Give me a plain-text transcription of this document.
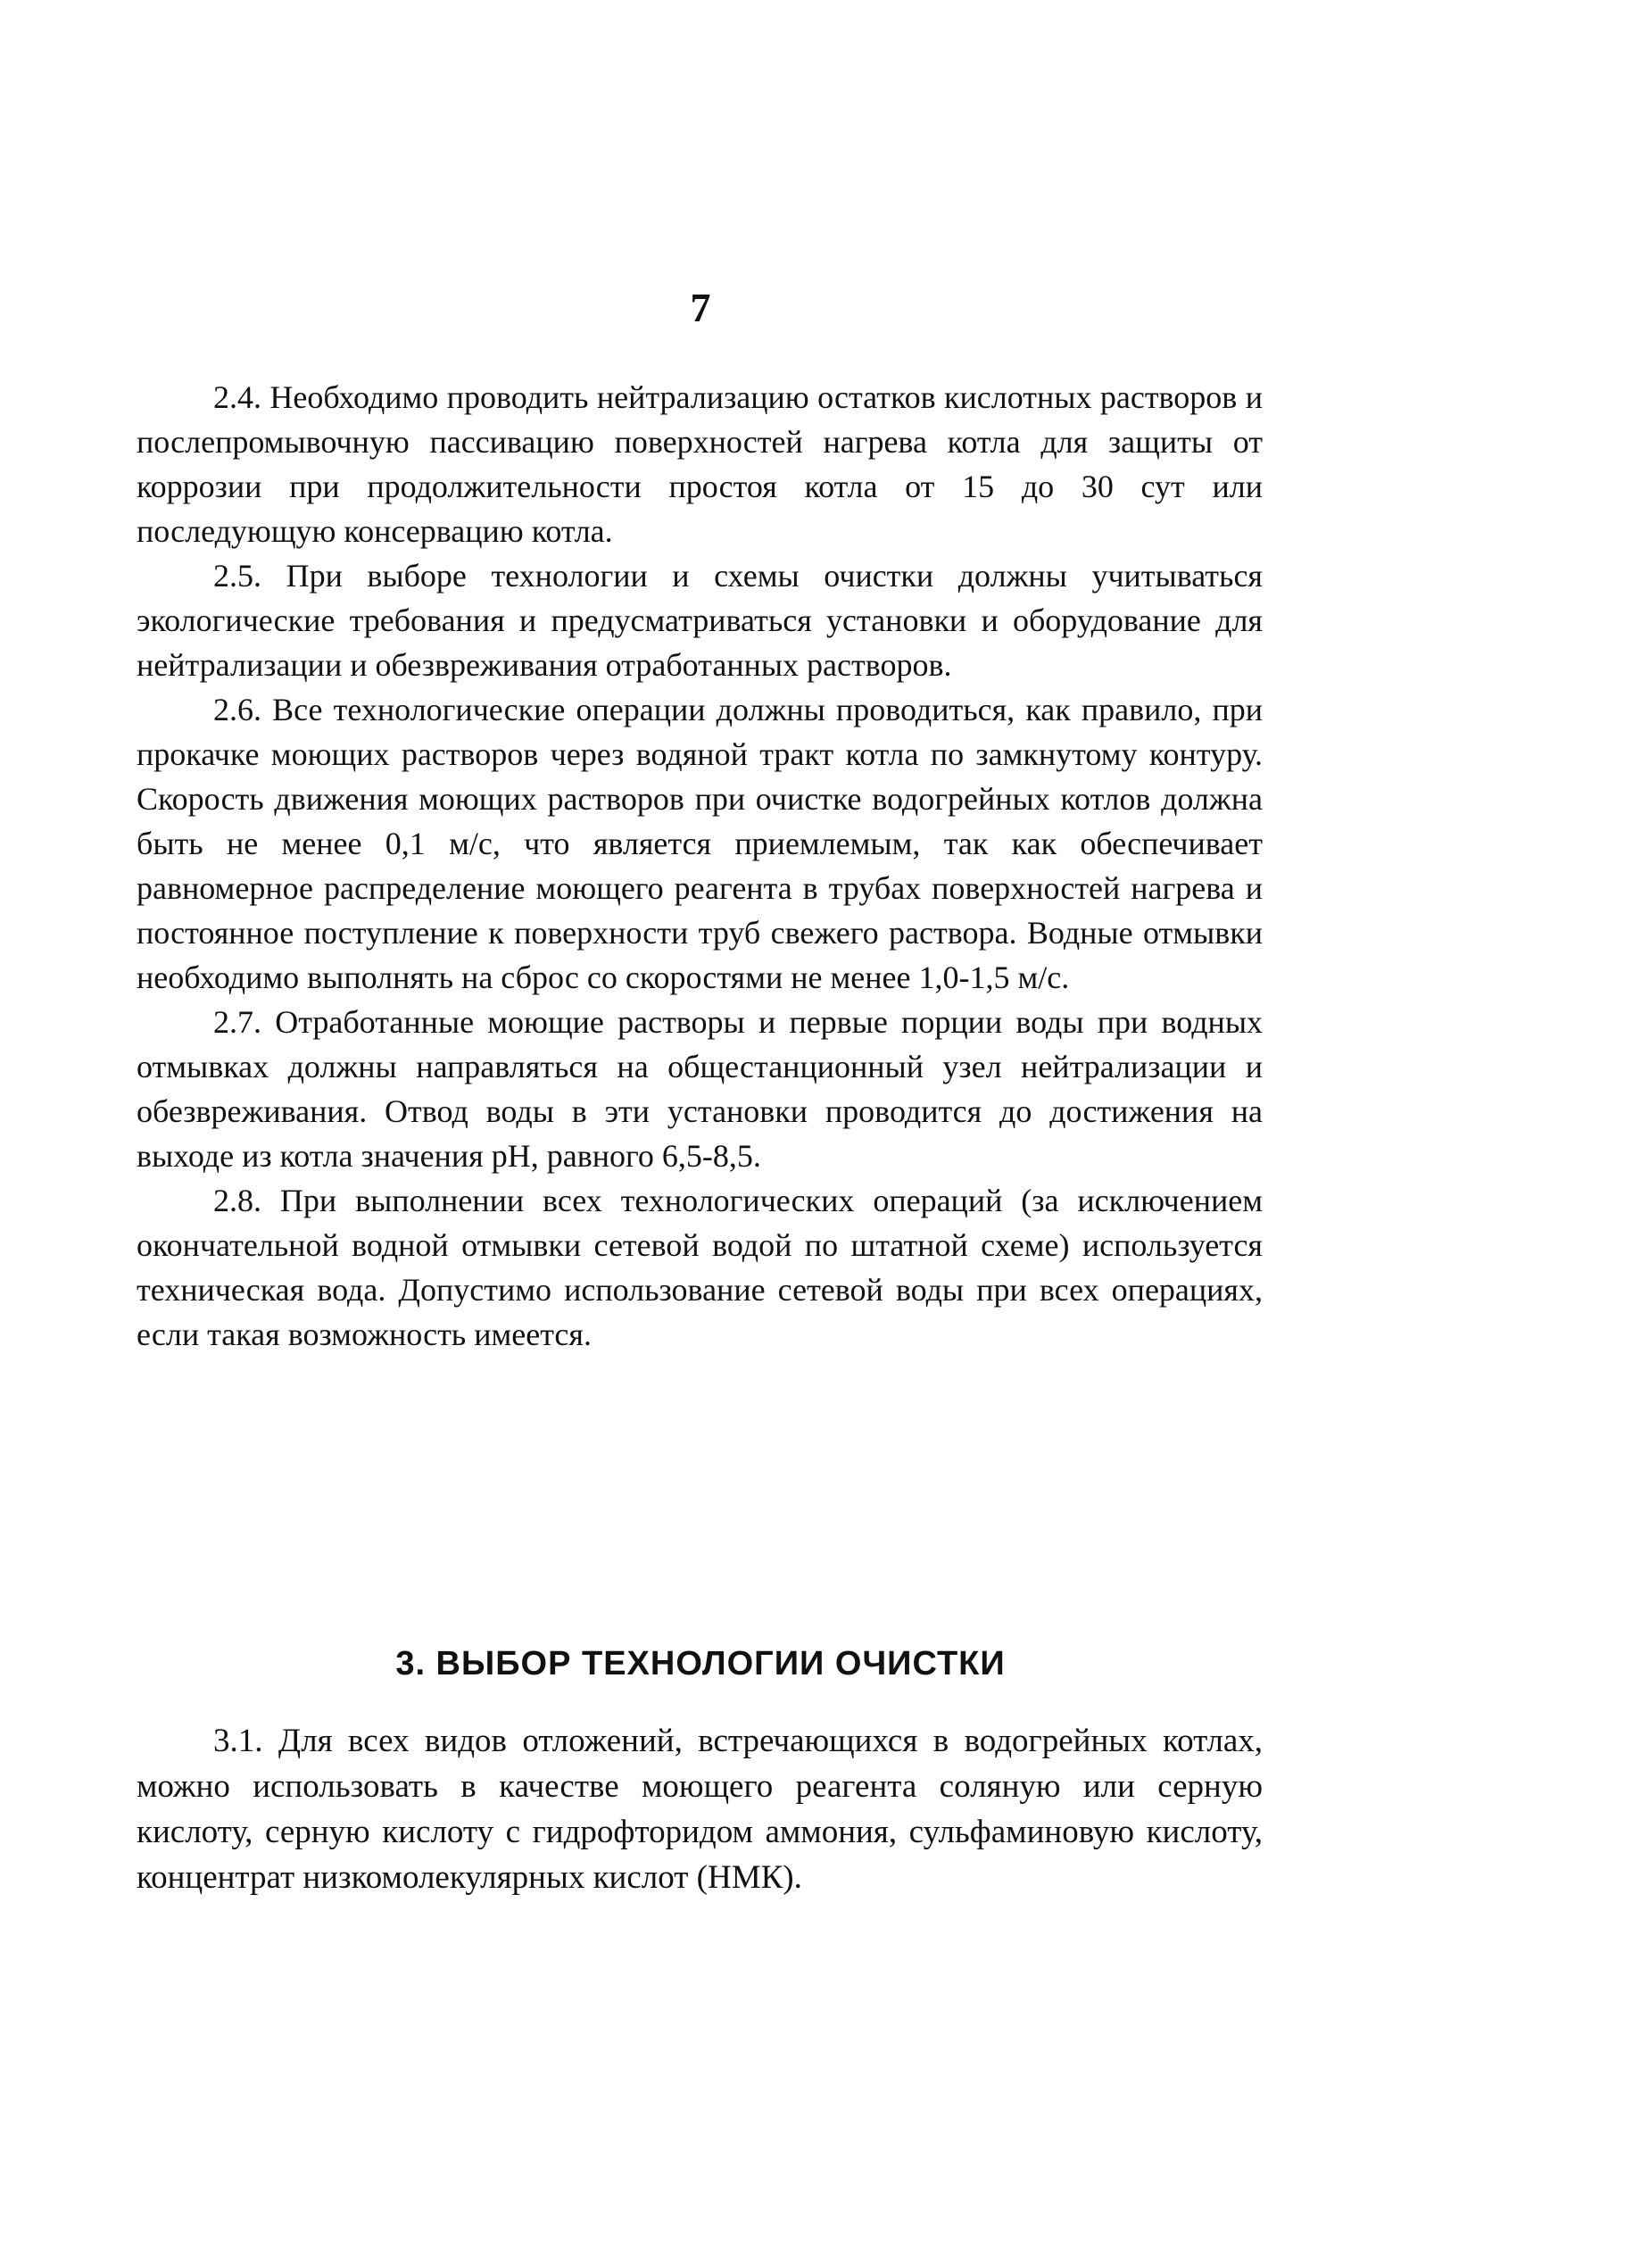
7

2.4. Необходимо проводить нейтрализацию остатков кислотных растворов и послепромывочную пассивацию поверхностей нагрева котла для защиты от коррозии при продолжительности простоя котла от 15 до 30 сут или последующую консервацию котла.

2.5. При выборе технологии и схемы очистки должны учитываться экологические требования и предусматриваться установки и оборудование для нейтрализации и обезвреживания отработанных растворов.

2.6. Все технологические операции должны проводиться, как правило, при прокачке моющих растворов через водяной тракт котла по замкнутому контуру. Скорость движения моющих растворов при очистке водогрейных котлов должна быть не менее 0,1 м/с, что является приемлемым, так как обеспечивает равномерное распределение моющего реагента в трубах поверхностей нагрева и постоянное поступление к поверхности труб свежего раствора. Водные отмывки необходимо выполнять на сброс со скоростями не менее 1,0-1,5 м/с.

2.7. Отработанные моющие растворы и первые порции воды при водных отмывках должны направляться на общестанционный узел нейтрализации и обезвреживания. Отвод воды в эти установки проводится до достижения на выходе из котла значения pH, равного 6,5-8,5.

2.8. При выполнении всех технологических операций (за исключением окончательной водной отмывки сетевой водой по штатной схеме) используется техническая вода. Допустимо использование сетевой воды при всех операциях, если такая возможность имеется.

3. ВЫБОР ТЕХНОЛОГИИ ОЧИСТКИ

3.1. Для всех видов отложений, встречающихся в водогрейных котлах, можно использовать в качестве моющего реагента соляную или серную кислоту, серную кислоту с гидрофторидом аммония, сульфаминовую кислоту, концентрат низкомолекулярных кислот (НМК).
